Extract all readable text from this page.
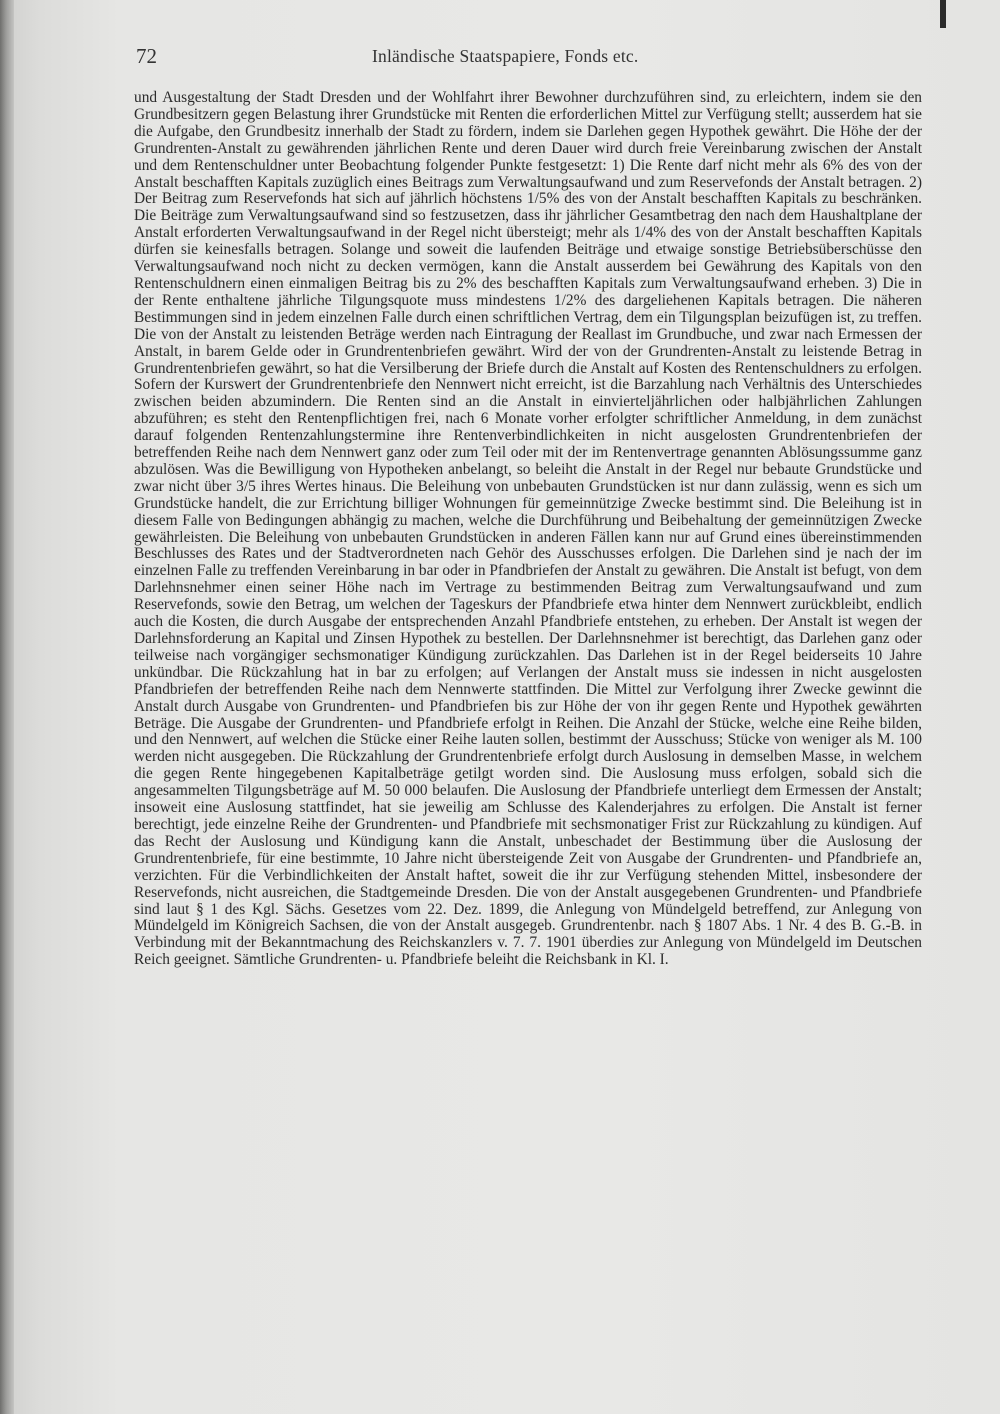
72	Inländische Staatspapiere, Fonds etc.

und Ausgestaltung der Stadt Dresden und der Wohlfahrt ihrer Bewohner durchzuführen sind, zu erleichtern, indem sie den Grundbesitzern gegen Belastung ihrer Grundstücke mit Renten die erforderlichen Mittel zur Verfügung stellt; ausserdem hat sie die Aufgabe, den Grundbesitz innerhalb der Stadt zu fördern, indem sie Darlehen gegen Hypothek gewährt. Die Höhe der der Grundrenten-Anstalt zu gewährenden jährlichen Rente und deren Dauer wird durch freie Vereinbarung zwischen der Anstalt und dem Rentenschuldner unter Beobachtung folgender Punkte festgesetzt: 1) Die Rente darf nicht mehr als 6% des von der Anstalt beschafften Kapitals zuzüglich eines Beitrags zum Verwaltungsaufwand und zum Reservefonds der Anstalt betragen. 2) Der Beitrag zum Reservefonds hat sich auf jährlich höchstens 1/5% des von der Anstalt beschafften Kapitals zu beschränken. Die Beiträge zum Verwaltungsaufwand sind so festzusetzen, dass ihr jährlicher Gesamtbetrag den nach dem Haushaltplane der Anstalt erforderten Verwaltungsaufwand in der Regel nicht übersteigt; mehr als 1/4% des von der Anstalt beschafften Kapitals dürfen sie keinesfalls betragen. Solange und soweit die laufenden Beiträge und etwaige sonstige Betriebsüberschüsse den Verwaltungsaufwand noch nicht zu decken vermögen, kann die Anstalt ausserdem bei Gewährung des Kapitals von den Rentenschuldnern einen einmaligen Beitrag bis zu 2% des beschafften Kapitals zum Verwaltungsaufwand erheben. 3) Die in der Rente enthaltene jährliche Tilgungsquote muss mindestens 1/2% des dargeliehenen Kapitals betragen. Die näheren Bestimmungen sind in jedem einzelnen Falle durch einen schriftlichen Vertrag, dem ein Tilgungsplan beizufügen ist, zu treffen. Die von der Anstalt zu leistenden Beträge werden nach Eintragung der Reallast im Grundbuche, und zwar nach Ermessen der Anstalt, in barem Gelde oder in Grundrentenbriefen gewährt. Wird der von der Grundrenten-Anstalt zu leistende Betrag in Grundrentenbriefen gewährt, so hat die Versilberung der Briefe durch die Anstalt auf Kosten des Rentenschuldners zu erfolgen. Sofern der Kurswert der Grundrentenbriefe den Nennwert nicht erreicht, ist die Barzahlung nach Verhältnis des Unterschiedes zwischen beiden abzumindern. Die Renten sind an die Anstalt in einvierteljährlichen oder halbjährlichen Zahlungen abzuführen; es steht den Rentenpflichtigen frei, nach 6 Monate vorher erfolgter schriftlicher Anmeldung, in dem zunächst darauf folgenden Rentenzahlungstermine ihre Rentenverbindlichkeiten in nicht ausgelosten Grundrentenbriefen der betreffenden Reihe nach dem Nennwert ganz oder zum Teil oder mit der im Rentenvertrage genannten Ablösungssumme ganz abzulösen. Was die Bewilligung von Hypotheken anbelangt, so beleiht die Anstalt in der Regel nur bebaute Grundstücke und zwar nicht über 3/5 ihres Wertes hinaus. Die Beleihung von unbebauten Grundstücken ist nur dann zulässig, wenn es sich um Grundstücke handelt, die zur Errichtung billiger Wohnungen für gemeinnützige Zwecke bestimmt sind. Die Beleihung ist in diesem Falle von Bedingungen abhängig zu machen, welche die Durchführung und Beibehaltung der gemeinnützigen Zwecke gewährleisten. Die Beleihung von unbebauten Grundstücken in anderen Fällen kann nur auf Grund eines übereinstimmenden Beschlusses des Rates und der Stadtverordneten nach Gehör des Ausschusses erfolgen. Die Darlehen sind je nach der im einzelnen Falle zu treffenden Vereinbarung in bar oder in Pfandbriefen der Anstalt zu gewähren. Die Anstalt ist befugt, von dem Darlehnsnehmer einen seiner Höhe nach im Vertrage zu bestimmenden Beitrag zum Verwaltungsaufwand und zum Reservefonds, sowie den Betrag, um welchen der Tageskurs der Pfandbriefe etwa hinter dem Nennwert zurückbleibt, endlich auch die Kosten, die durch Ausgabe der entsprechenden Anzahl Pfandbriefe entstehen, zu erheben. Der Anstalt ist wegen der Darlehnsforderung an Kapital und Zinsen Hypothek zu bestellen. Der Darlehnsnehmer ist berechtigt, das Darlehen ganz oder teilweise nach vorgängiger sechsmonatiger Kündigung zurückzahlen. Das Darlehen ist in der Regel beiderseits 10 Jahre unkündbar. Die Rückzahlung hat in bar zu erfolgen; auf Verlangen der Anstalt muss sie indessen in nicht ausgelosten Pfandbriefen der betreffenden Reihe nach dem Nennwerte stattfinden. Die Mittel zur Verfolgung ihrer Zwecke gewinnt die Anstalt durch Ausgabe von Grundrenten- und Pfandbriefen bis zur Höhe der von ihr gegen Rente und Hypothek gewährten Beträge. Die Ausgabe der Grundrenten- und Pfandbriefe erfolgt in Reihen. Die Anzahl der Stücke, welche eine Reihe bilden, und den Nennwert, auf welchen die Stücke einer Reihe lauten sollen, bestimmt der Ausschuss; Stücke von weniger als M. 100 werden nicht ausgegeben. Die Rückzahlung der Grundrentenbriefe erfolgt durch Auslosung in demselben Masse, in welchem die gegen Rente hingegebenen Kapitalbeträge getilgt worden sind. Die Auslosung muss erfolgen, sobald sich die angesammelten Tilgungsbeträge auf M. 50 000 belaufen. Die Auslosung der Pfandbriefe unterliegt dem Ermessen der Anstalt; insoweit eine Auslosung stattfindet, hat sie jeweilig am Schlusse des Kalenderjahres zu erfolgen. Die Anstalt ist ferner berechtigt, jede einzelne Reihe der Grundrenten- und Pfandbriefe mit sechsmonatiger Frist zur Rückzahlung zu kündigen. Auf das Recht der Auslosung und Kündigung kann die Anstalt, unbeschadet der Bestimmung über die Auslosung der Grundrentenbriefe, für eine bestimmte, 10 Jahre nicht übersteigende Zeit von Ausgabe der Grundrenten- und Pfandbriefe an, verzichten. Für die Verbindlichkeiten der Anstalt haftet, soweit die ihr zur Verfügung stehenden Mittel, insbesondere der Reservefonds, nicht ausreichen, die Stadtgemeinde Dresden. Die von der Anstalt ausgegebenen Grundrenten- und Pfandbriefe sind laut § 1 des Kgl. Sächs. Gesetzes vom 22. Dez. 1899, die Anlegung von Mündelgeld betreffend, zur Anlegung von Mündelgeld im Königreich Sachsen, die von der Anstalt ausgegeb. Grundrentenbr. nach § 1807 Abs. 1 Nr. 4 des B. G.-B. in Verbindung mit der Bekanntmachung des Reichskanzlers v. 7. 7. 1901 überdies zur Anlegung von Mündelgeld im Deutschen Reich geeignet. Sämtliche Grundrenten- u. Pfandbriefe beleiht die Reichsbank in Kl. I.
